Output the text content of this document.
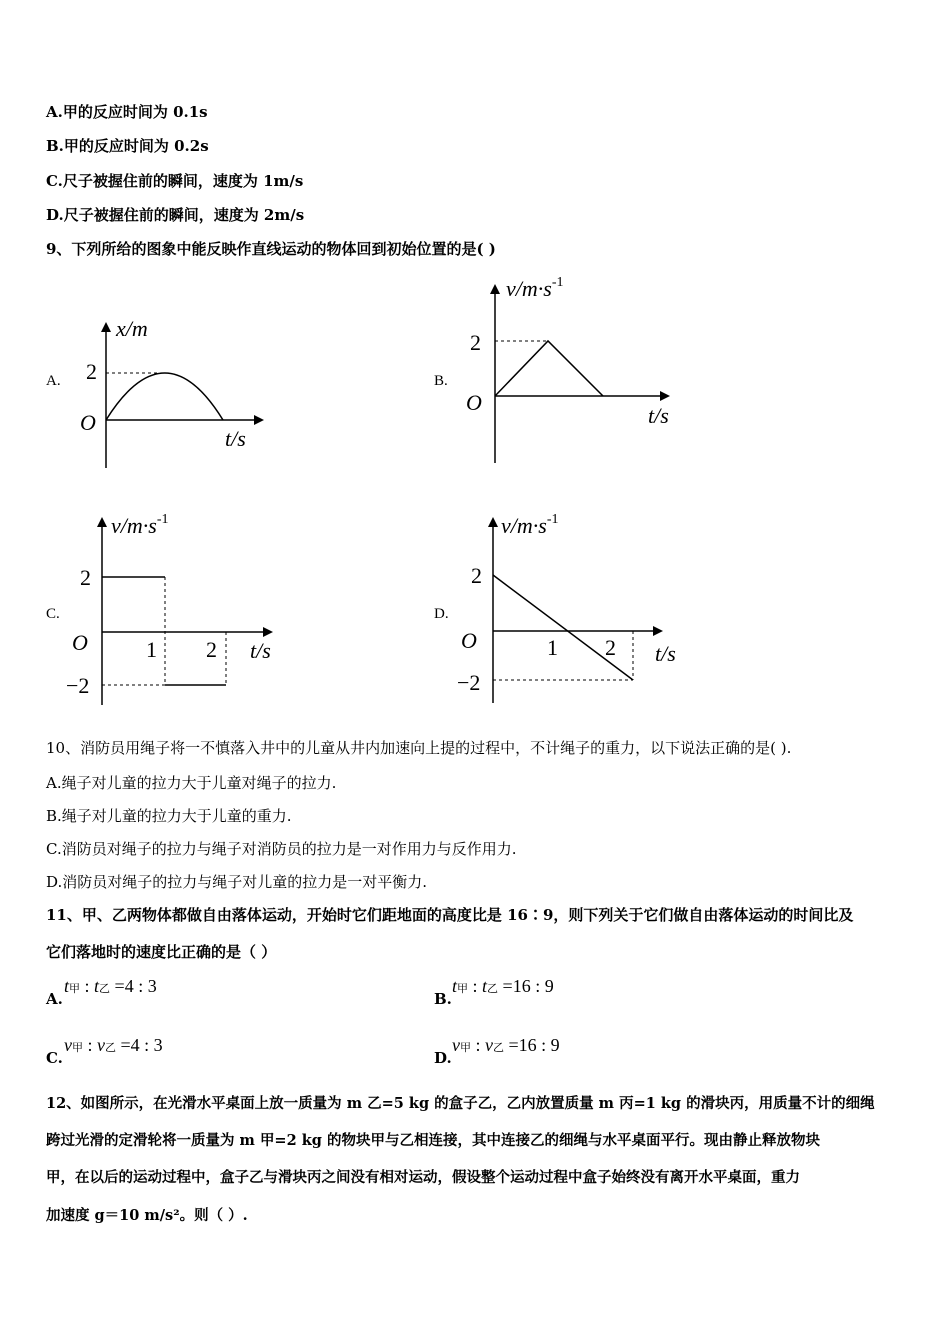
A.甲的反应时间为 0.1s
B.甲的反应时间为 0.2s
C.尺子被握住前的瞬间，速度为 1m/s
D.尺子被握住前的瞬间，速度为 2m/s
9、下列所给的图象中能反映作直线运动的物体回到初始位置的是( )
A.	B.
C.	D.
x/m
2
O
t/s
$v/m\cdot s^{-1}$
2
O
t/s
$v/m\cdot s^{-1}$
2
−2
O	1 2 t/s
$v/m\cdot s^{-1}$
2
−2
O	1 2 t/s
10、消防员用绳子将一不慎落入井中的儿童从井内加速向上提的过程中，不计绳子的重力，以下说法正确的是( ).
A.绳子对儿童的拉力大于儿童对绳子的拉力.
B.绳子对儿童的拉力大于儿童的重力.
C.消防员对绳子的拉力与绳子对消防员的拉力是一对作用力与反作用力.
D.消防员对绳子的拉力与绳子对儿童的拉力是一对平衡力.
11、甲、乙两物体都做自由落体运动，开始时它们距地面的高度比是 16∶9，则下列关于它们做自由落体运动的时间比及
它们落地时的速度比正确的是（ ）
A.
t甲 : t乙 =4 : 3
B.
t甲 : t乙 =16 : 9
C.
v甲 : v乙 =4 : 3
D.
v甲 : v乙 =16 : 9
12、如图所示，在光滑水平桌面上放一质量为 m 乙=5 kg 的盒子乙，乙内放置质量 m 丙=1 kg 的滑块丙，用质量不计的细绳
跨过光滑的定滑轮将一质量为 m 甲=2 kg 的物块甲与乙相连接，其中连接乙的细绳与水平桌面平行。现由静止释放物块
甲，在以后的运动过程中，盒子乙与滑块丙之间没有相对运动，假设整个运动过程中盒子始终没有离开水平桌面，重力
加速度 g＝10 m/s²。则（ ）.
